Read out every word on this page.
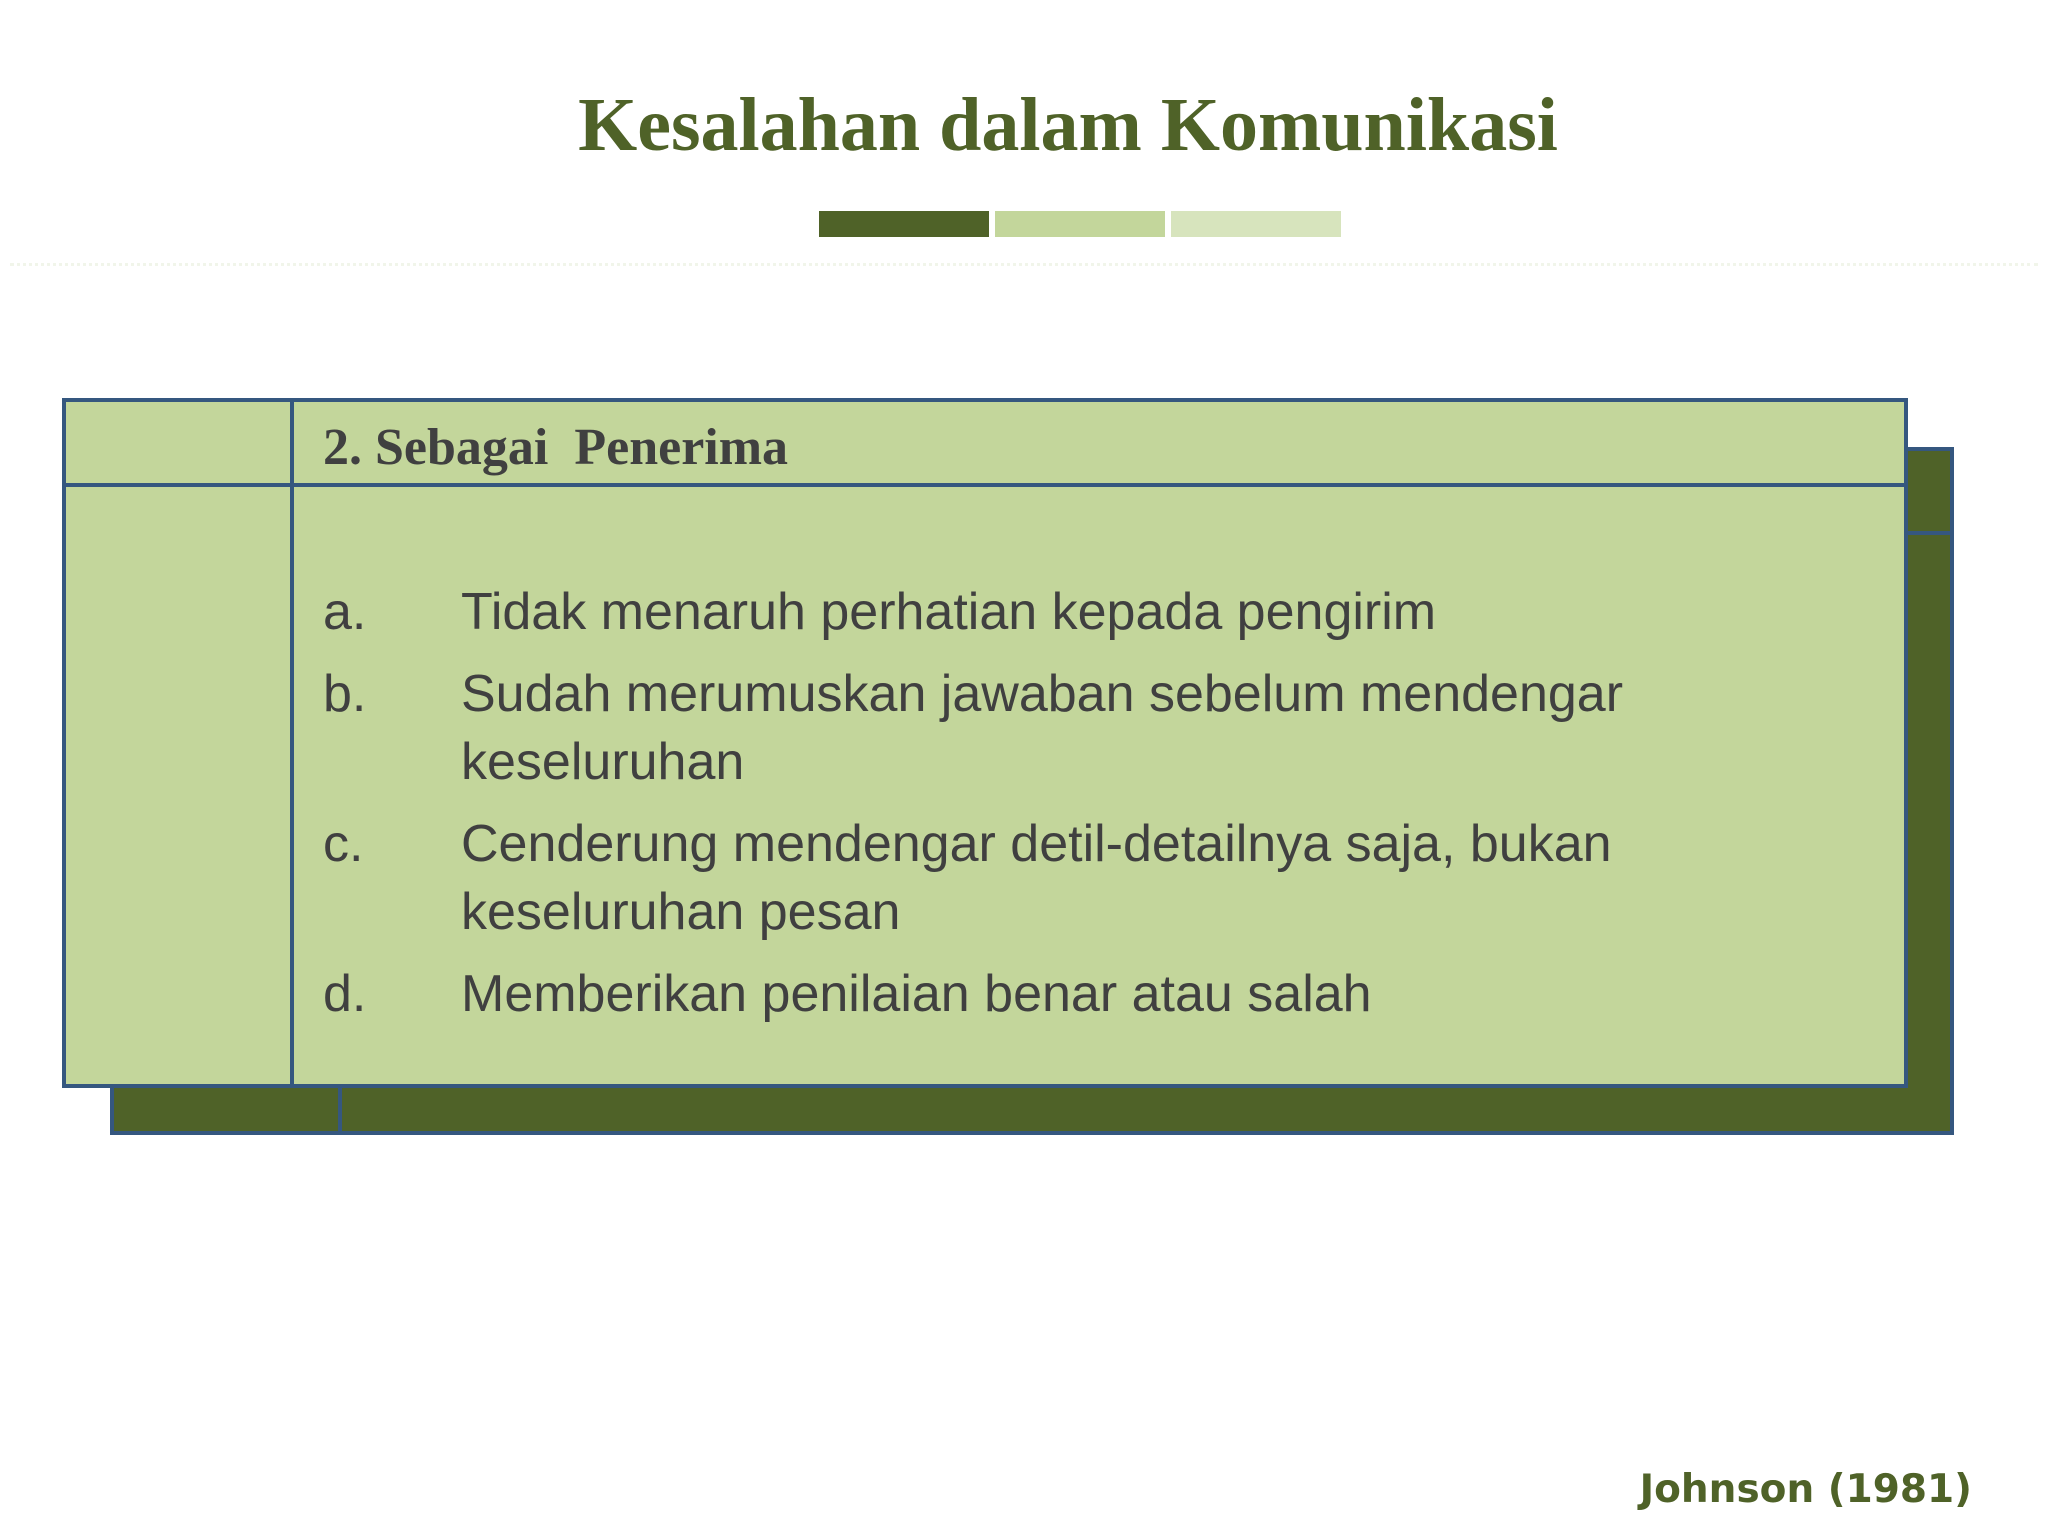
Kesalahan dalam Komunikasi

2. Sebagai  Penerima

a.	Tidak menaruh perhatian kepada pengirim
b.	Sudah merumuskan jawaban sebelum mendengar keseluruhan
c.	Cenderung mendengar detil-detailnya saja, bukan keseluruhan pesan
d.	Memberikan penilaian benar atau salah

Johnson (1981)
